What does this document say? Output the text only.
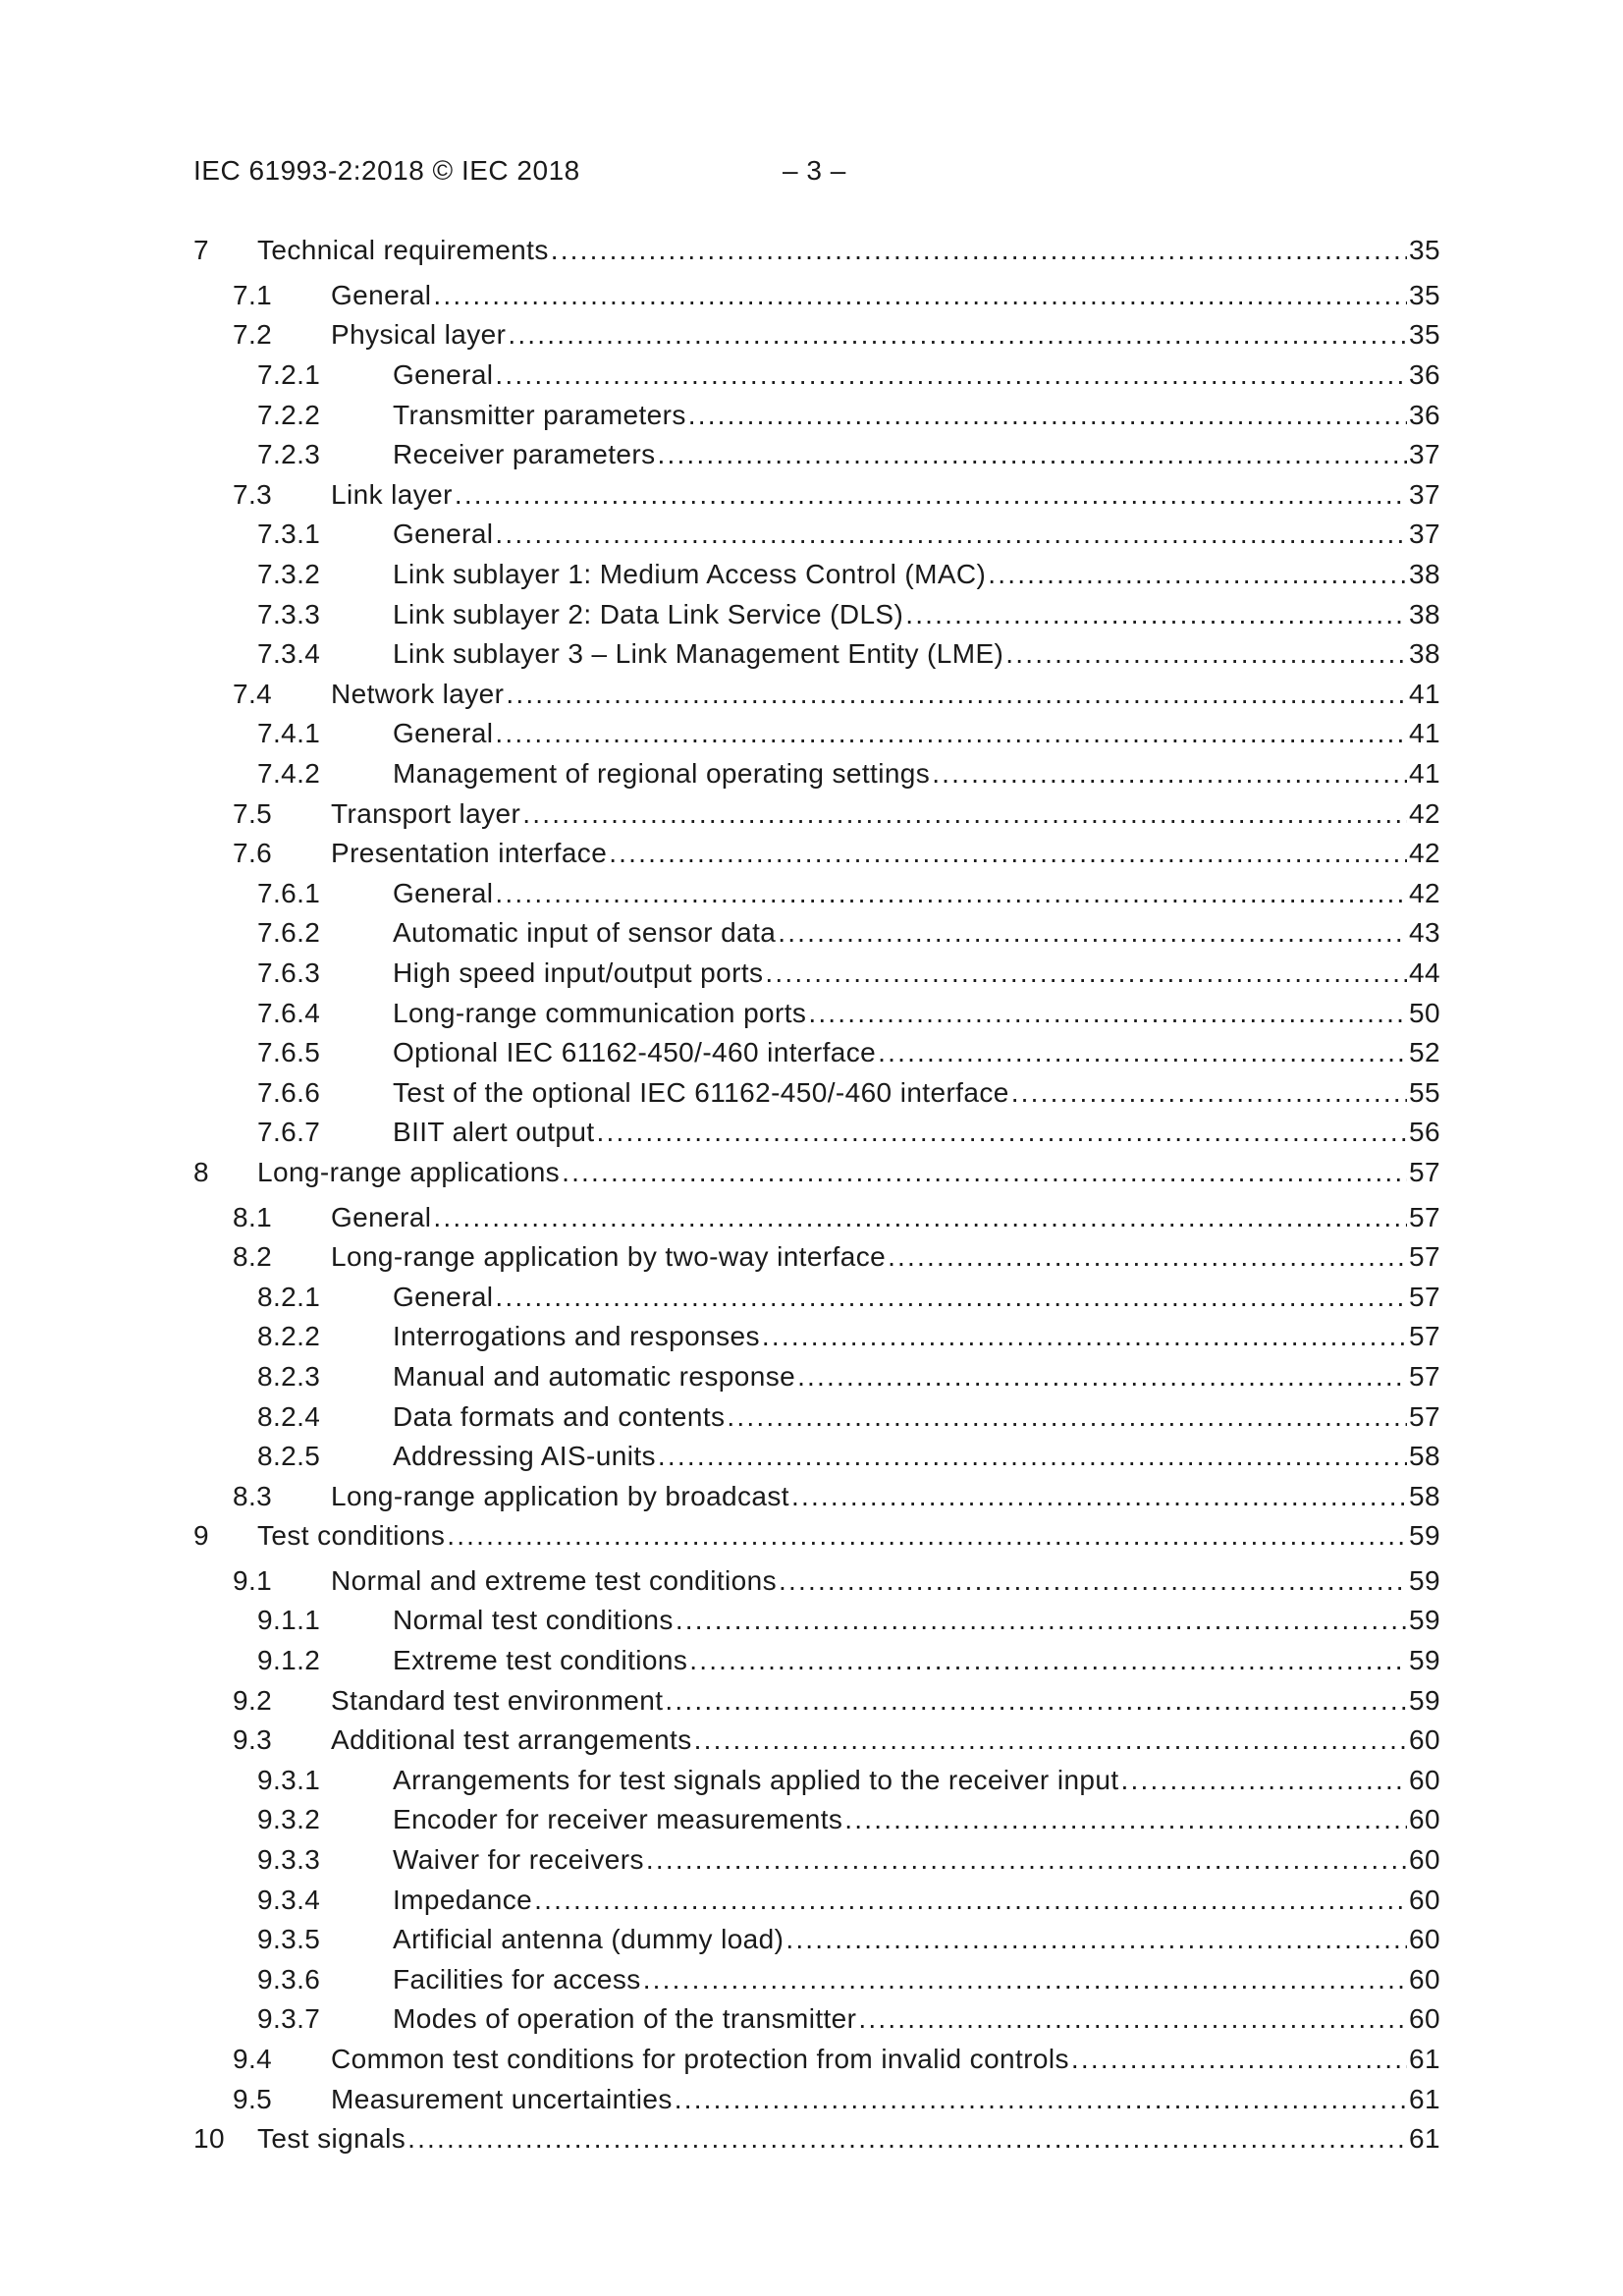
IEC 61993-2:2018 © IEC 2018	– 3 –
7 Technical requirements .....	35
7.1 General .....	35
7.2 Physical layer .....	35
7.2.1	General .....	36
7.2.2	Transmitter parameters .....	36
7.2.3	Receiver parameters .....	37
7.3 Link layer .....	37
7.3.1	General .....	37
7.3.2	Link sublayer 1: Medium Access Control (MAC) .....	38
7.3.3	Link sublayer 2: Data Link Service (DLS) .....	38
7.3.4	Link sublayer 3 – Link Management Entity (LME) .....	38
7.4 Network layer .....	41
7.4.1	General .....	41
7.4.2	Management of regional operating settings .....	41
7.5 Transport layer .....	42
7.6 Presentation interface .....	42
7.6.1	General .....	42
7.6.2	Automatic input of sensor data .....	43
7.6.3	High speed input/output ports .....	44
7.6.4	Long-range communication ports .....	50
7.6.5	Optional IEC 61162-450/-460 interface .....	52
7.6.6	Test of the optional IEC 61162-450/-460 interface .....	55
7.6.7	BIIT alert output .....	56
8 Long-range applications .....	57
8.1 General .....	57
8.2 Long-range application by two-way interface .....	57
8.2.1	General .....	57
8.2.2	Interrogations and responses .....	57
8.2.3	Manual and automatic response .....	57
8.2.4	Data formats and contents .....	57
8.2.5	Addressing AIS-units .....	58
8.3 Long-range application by broadcast .....	58
9 Test conditions .....	59
9.1 Normal and extreme test conditions .....	59
9.1.1	Normal test conditions .....	59
9.1.2	Extreme test conditions .....	59
9.2 Standard test environment .....	59
9.3 Additional test arrangements .....	60
9.3.1	Arrangements for test signals applied to the receiver input .....	60
9.3.2	Encoder for receiver measurements .....	60
9.3.3	Waiver for receivers .....	60
9.3.4	Impedance .....	60
9.3.5	Artificial antenna (dummy load) .....	60
9.3.6	Facilities for access .....	60
9.3.7	Modes of operation of the transmitter .....	60
9.4 Common test conditions for protection from invalid controls .....	61
9.5 Measurement uncertainties .....	61
10 Test signals .....	61
